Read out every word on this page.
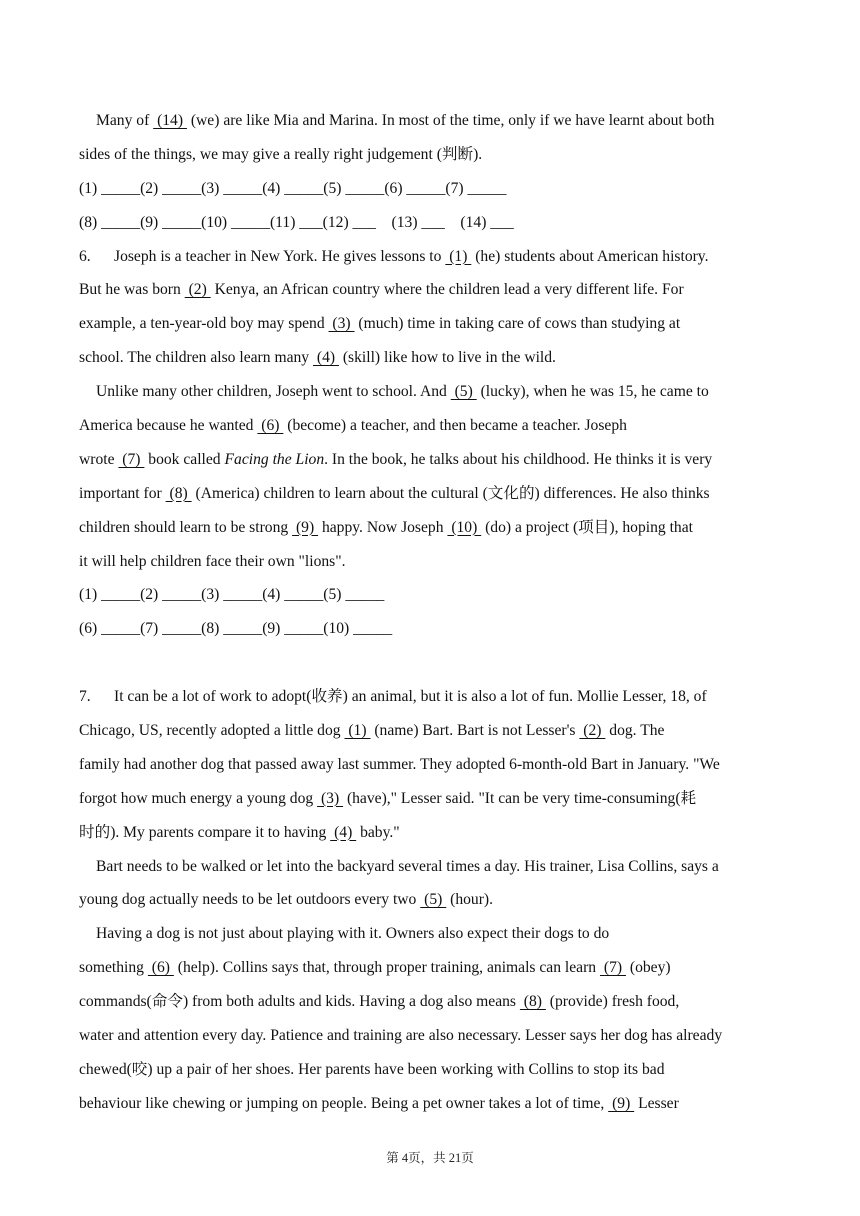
Many of  (14)  (we) are like Mia and Marina. In most of the time, only if we have learnt about both
sides of the things, we may give a really right judgement (判断).
(1) _____(2) _____(3) _____(4) _____(5) _____(6) _____(7) _____
(8) _____(9) _____(10) _____(11) ___(12) ___    (13) ___    (14) ___
6. Joseph is a teacher in New York. He gives lessons to  (1)  (he) students about American history.
But he was born  (2)  Kenya, an African country where the children lead a very different life. For
example, a ten-year-old boy may spend  (3)  (much) time in taking care of cows than studying at
school. The children also learn many  (4)  (skill) like how to live in the wild.
Unlike many other children, Joseph went to school. And  (5)  (lucky), when he was 15, he came to
America because he wanted  (6)  (become) a teacher, and then became a teacher. Joseph
wrote  (7)  book called Facing the Lion. In the book, he talks about his childhood. He thinks it is very
important for  (8)  (America) children to learn about the cultural (文化的) differences. He also thinks
children should learn to be strong  (9)  happy. Now Joseph  (10)  (do) a project (项目), hoping that
it will help children face their own "lions".
(1) _____(2) _____(3) _____(4) _____(5) _____
(6) _____(7) _____(8) _____(9) _____(10) _____
7. It can be a lot of work to adopt(收养) an animal, but it is also a lot of fun. Mollie Lesser, 18, of
Chicago, US, recently adopted a little dog  (1)  (name) Bart. Bart is not Lesser's  (2)  dog. The
family had another dog that passed away last summer. They adopted 6-month-old Bart in January. "We
forgot how much energy a young dog  (3)  (have)," Lesser said. "It can be very time-consuming(耗
时的). My parents compare it to having  (4)  baby."
Bart needs to be walked or let into the backyard several times a day. His trainer, Lisa Collins, says a
young dog actually needs to be let outdoors every two  (5)  (hour).
Having a dog is not just about playing with it. Owners also expect their dogs to do
something  (6)  (help). Collins says that, through proper training, animals can learn  (7)  (obey)
commands(命令) from both adults and kids. Having a dog also means  (8)  (provide) fresh food,
water and attention every day. Patience and training are also necessary. Lesser says her dog has already
chewed(咬) up a pair of her shoes. Her parents have been working with Collins to stop its bad
behaviour like chewing or jumping on people. Being a pet owner takes a lot of time,  (9)  Lesser
第 4页，共 21页
